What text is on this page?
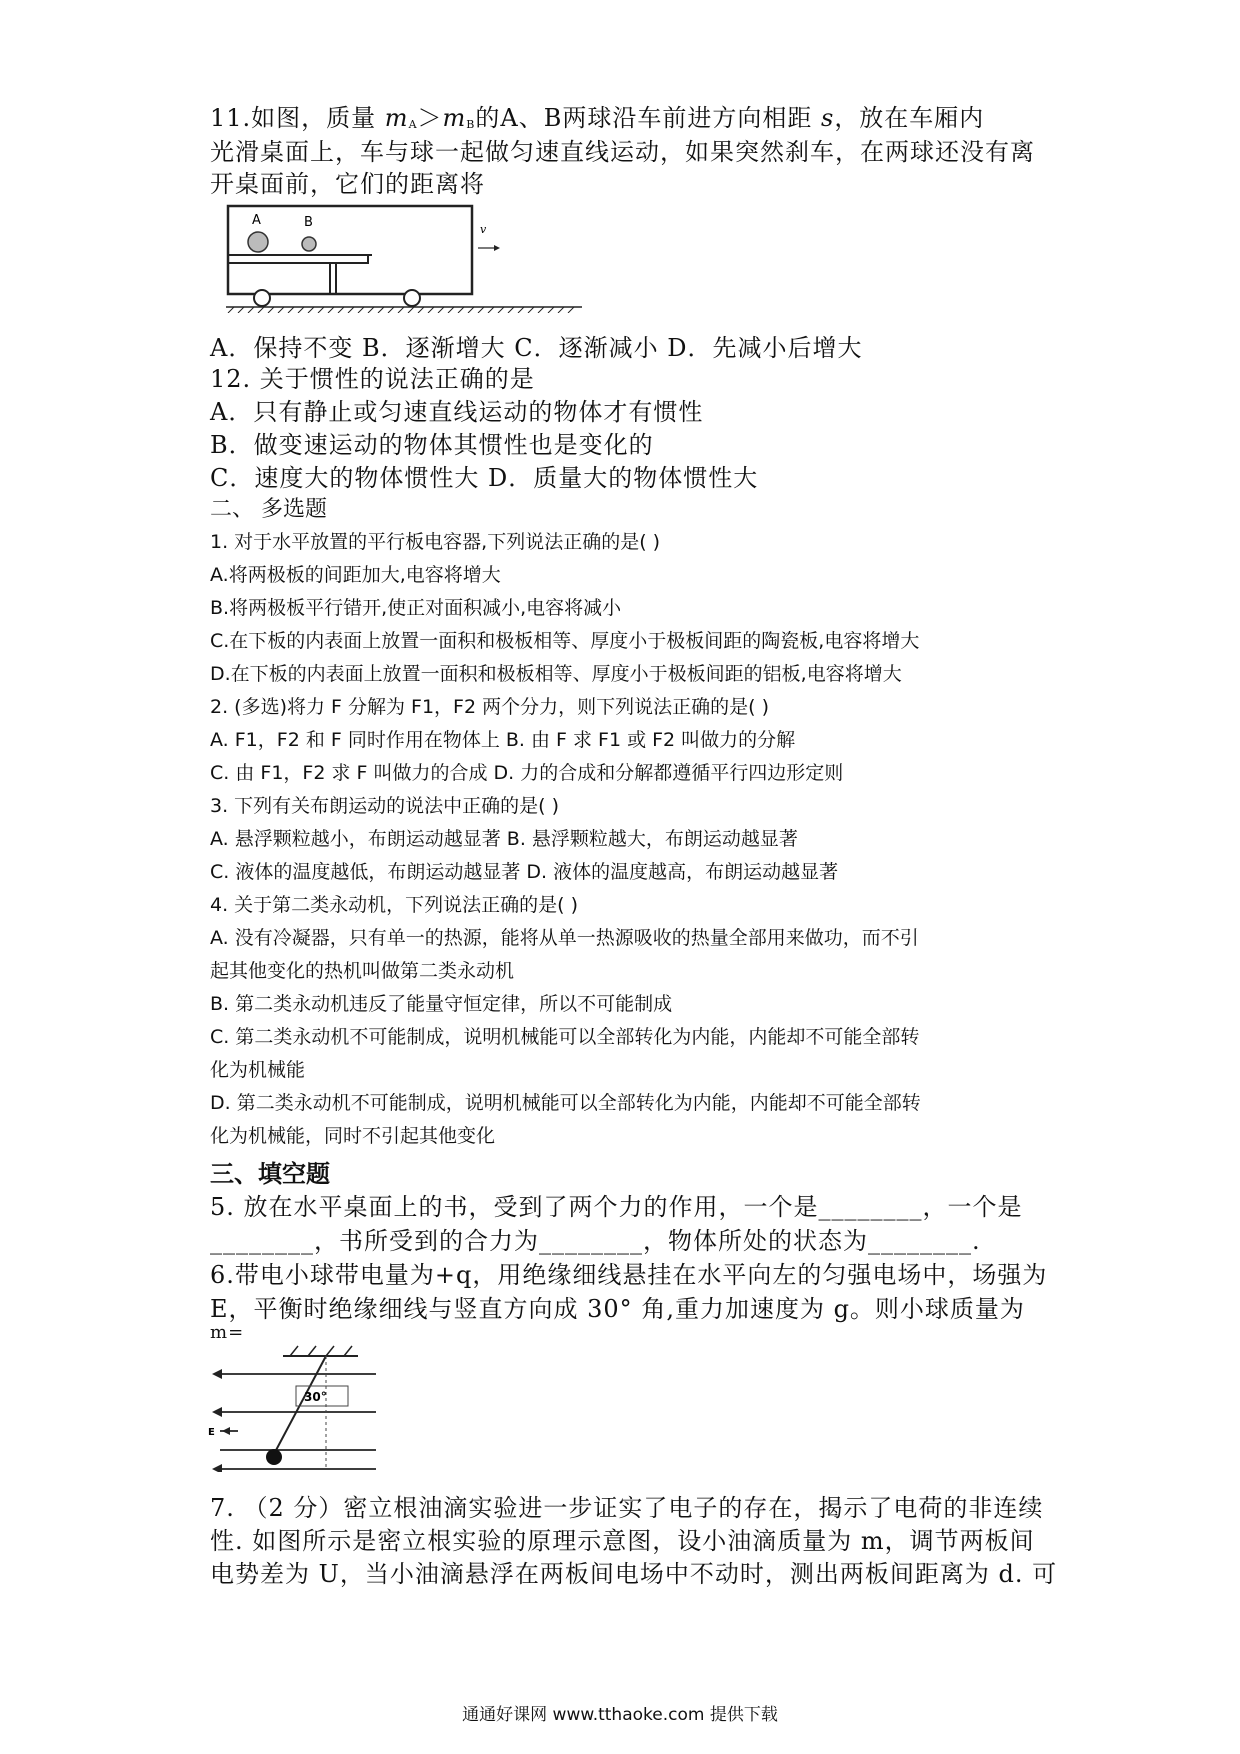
11.如图，质量 $m_A>m_B$的A、B两球沿车前进方向相距 s，放在车厢内
光滑桌面上，车与球一起做匀速直线运动，如果突然刹车，在两球还没有离
开桌面前，它们的距离将
A	B	v
A．保持不变 B．逐渐增大 C．逐渐减小 D．先减小后增大
12. 关于惯性的说法正确的是
A．只有静止或匀速直线运动的物体才有惯性
B．做变速运动的物体其惯性也是变化的
C．速度大的物体惯性大 D．质量大的物体惯性大
二、 多选题
1. 对于水平放置的平行板电容器,下列说法正确的是( )
A.将两极板的间距加大,电容将增大
B.将两极板平行错开,使正对面积减小,电容将减小
C.在下板的内表面上放置一面积和极板相等、厚度小于极板间距的陶瓷板,电容将增大
D.在下板的内表面上放置一面积和极板相等、厚度小于极板间距的铝板,电容将增大
2. (多选)将力 F 分解为 F1，F2 两个分力，则下列说法正确的是( )
A. F1，F2 和 F 同时作用在物体上 B. 由 F 求 F1 或 F2 叫做力的分解
C. 由 F1，F2 求 F 叫做力的合成 D. 力的合成和分解都遵循平行四边形定则
3. 下列有关布朗运动的说法中正确的是( )
A. 悬浮颗粒越小，布朗运动越显著 B. 悬浮颗粒越大，布朗运动越显著
C. 液体的温度越低，布朗运动越显著 D. 液体的温度越高，布朗运动越显著
4. 关于第二类永动机，下列说法正确的是( )
A. 没有冷凝器，只有单一的热源，能将从单一热源吸收的热量全部用来做功，而不引
起其他变化的热机叫做第二类永动机
B. 第二类永动机违反了能量守恒定律，所以不可能制成
C. 第二类永动机不可能制成，说明机械能可以全部转化为内能，内能却不可能全部转
化为机械能
D. 第二类永动机不可能制成，说明机械能可以全部转化为内能，内能却不可能全部转
化为机械能，同时不引起其他变化
三、填空题
5. 放在水平桌面上的书，受到了两个力的作用，一个是________，一个是
________，书所受到的合力为________，物体所处的状态为________.
6.带电小球带电量为+q，用绝缘细线悬挂在水平向左的匀强电场中，场强为
E，平衡时绝缘细线与竖直方向成 30° 角,重力加速度为 g。则小球质量为
m=
E
30°
7. （2 分）密立根油滴实验进一步证实了电子的存在，揭示了电荷的非连续
性. 如图所示是密立根实验的原理示意图，设小油滴质量为 m，调节两板间
电势差为 U，当小油滴悬浮在两板间电场中不动时，测出两板间距离为 d. 可
通通好课网 www.tthaoke.com 提供下载
